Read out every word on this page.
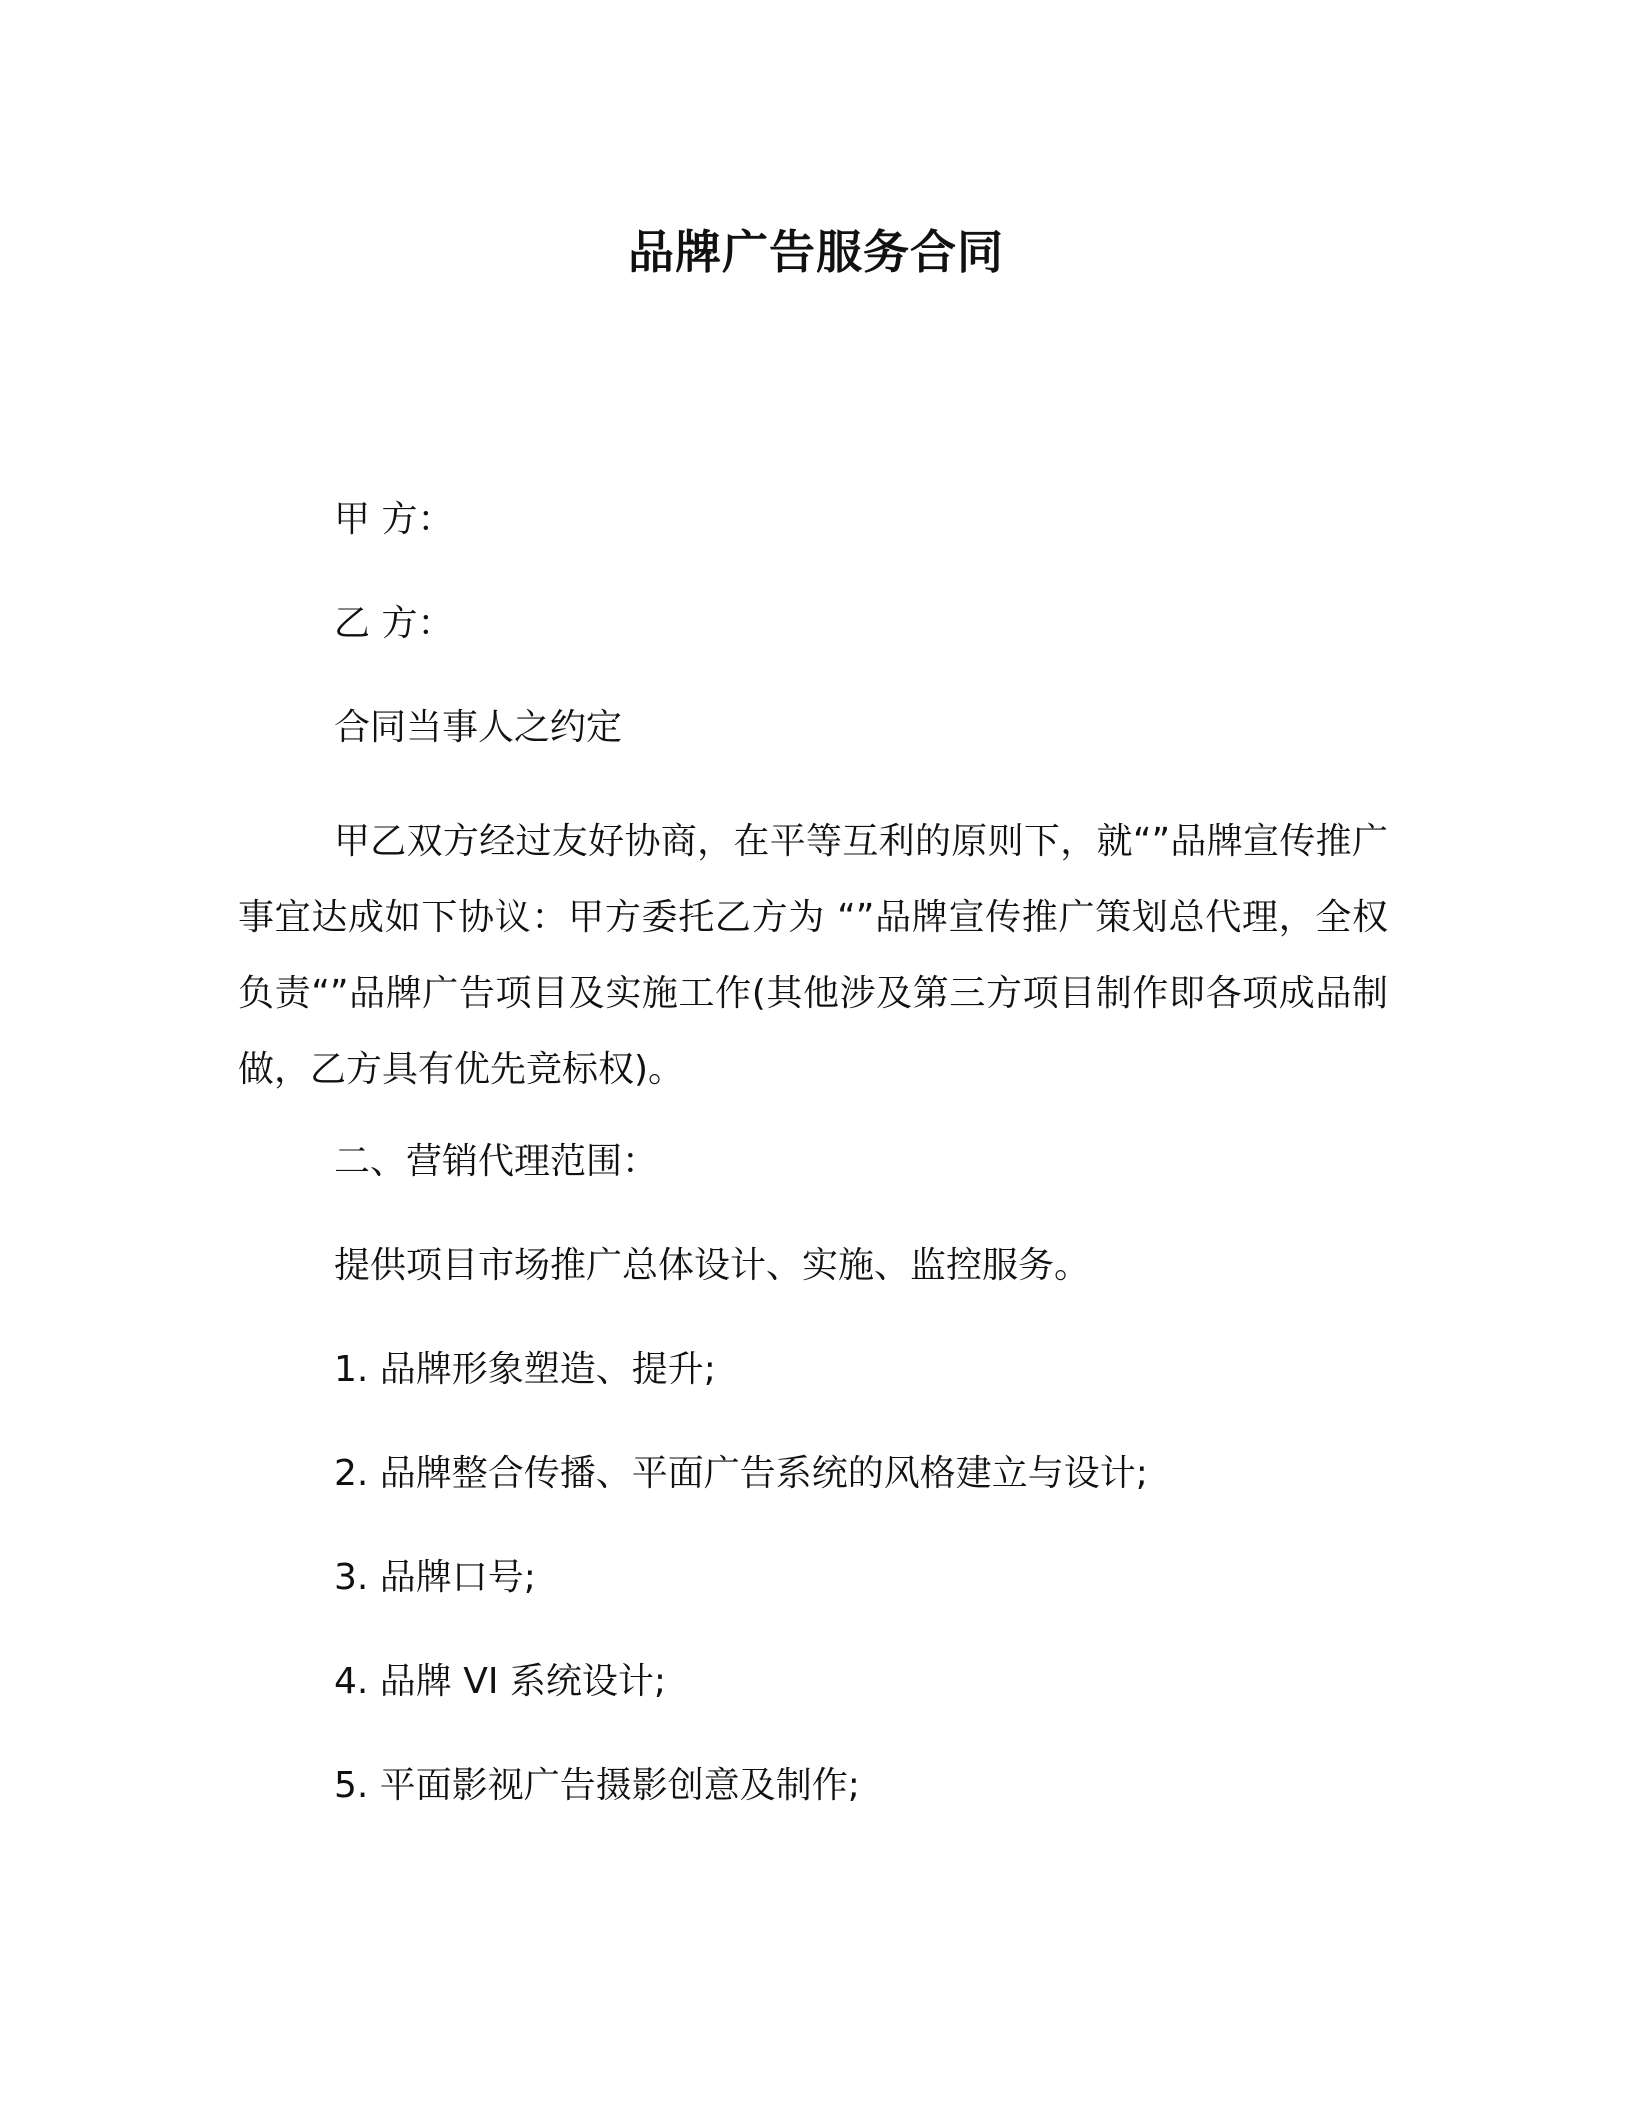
品牌广告服务合同
甲 方：
乙 方：
合同当事人之约定
甲乙双方经过友好协商，在平等互利的原则下，就“”品牌宣传推广事宜达成如下协议：甲方委托乙方为 “”品牌宣传推广策划总代理，全权负责“”品牌广告项目及实施工作(其他涉及第三方项目制作即各项成品制做，乙方具有优先竞标权)。
二、营销代理范围：
提供项目市场推广总体设计、实施、监控服务。
1. 品牌形象塑造、提升;
2. 品牌整合传播、平面广告系统的风格建立与设计;
3. 品牌口号;
4. 品牌 VI 系统设计;
5. 平面影视广告摄影创意及制作;
